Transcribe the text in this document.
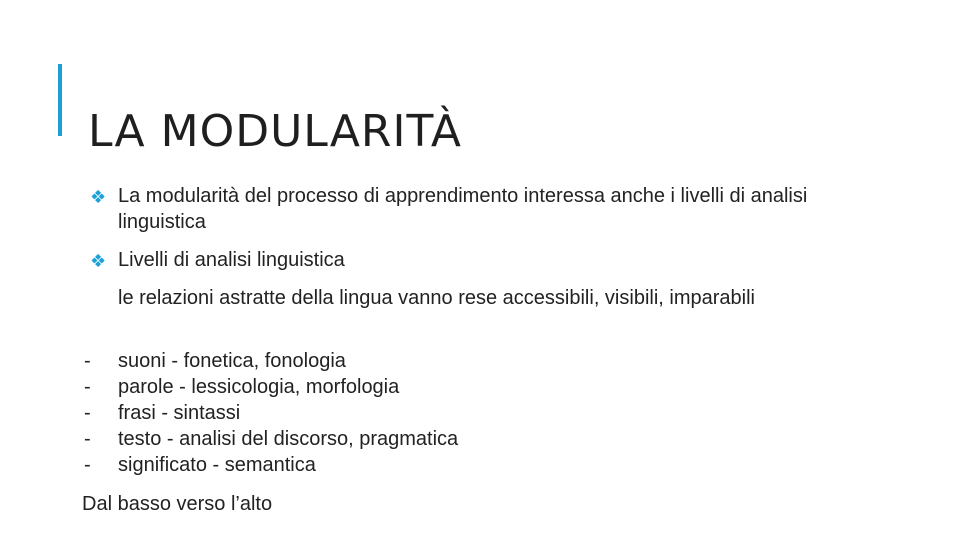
LA MODULARITÀ
❖ La modularità del processo di apprendimento interessa anche i livelli di analisi linguistica
❖ Livelli di analisi linguistica
le relazioni astratte della lingua vanno rese accessibili, visibili, imparabili
- suoni - fonetica, fonologia
- parole - lessicologia, morfologia
- frasi - sintassi
- testo - analisi del discorso, pragmatica
- significato - semantica
Dal basso verso l’alto
